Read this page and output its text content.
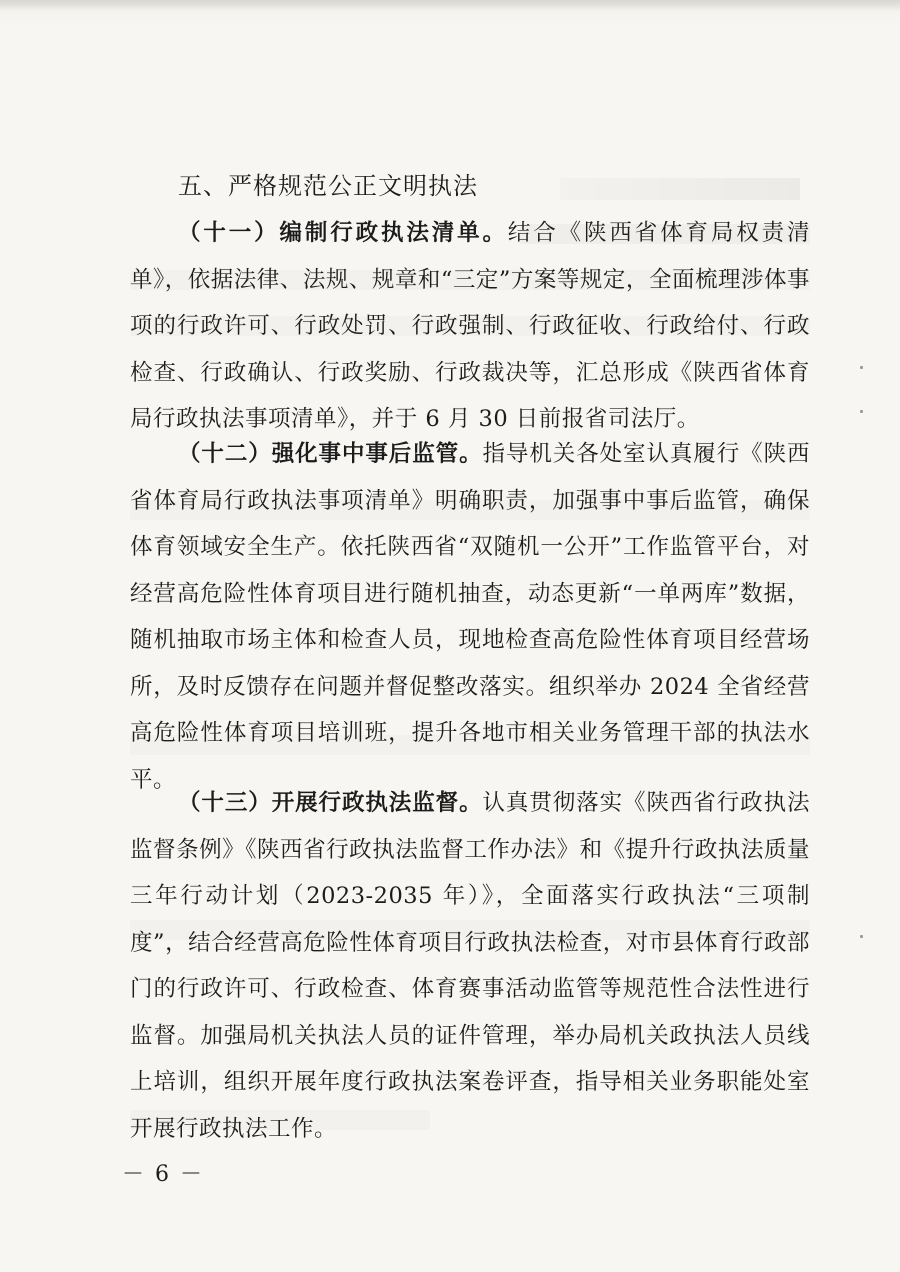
五、严格规范公正文明执法

（十一）编制行政执法清单。结合《陕西省体育局权责清单》，依据法律、法规、规章和“三定”方案等规定，全面梳理涉体事项的行政许可、行政处罚、行政强制、行政征收、行政给付、行政检查、行政确认、行政奖励、行政裁决等，汇总形成《陕西省体育局行政执法事项清单》，并于 6 月 30 日前报省司法厅。

（十二）强化事中事后监管。指导机关各处室认真履行《陕西省体育局行政执法事项清单》明确职责，加强事中事后监管，确保体育领域安全生产。依托陕西省“双随机一公开”工作监管平台，对经营高危险性体育项目进行随机抽查，动态更新“一单两库”数据，随机抽取市场主体和检查人员，现地检查高危险性体育项目经营场所，及时反馈存在问题并督促整改落实。组织举办 2024 全省经营高危险性体育项目培训班，提升各地市相关业务管理干部的执法水平。

（十三）开展行政执法监督。认真贯彻落实《陕西省行政执法监督条例》《陕西省行政执法监督工作办法》和《提升行政执法质量三年行动计划（2023-2035 年）》，全面落实行政执法“三项制度”，结合经营高危险性体育项目行政执法检查，对市县体育行政部门的行政许可、行政检查、体育赛事活动监管等规范性合法性进行监督。加强局机关执法人员的证件管理，举办局机关政执法人员线上培训，组织开展年度行政执法案卷评查，指导相关业务职能处室开展行政执法工作。

－ 6 －
